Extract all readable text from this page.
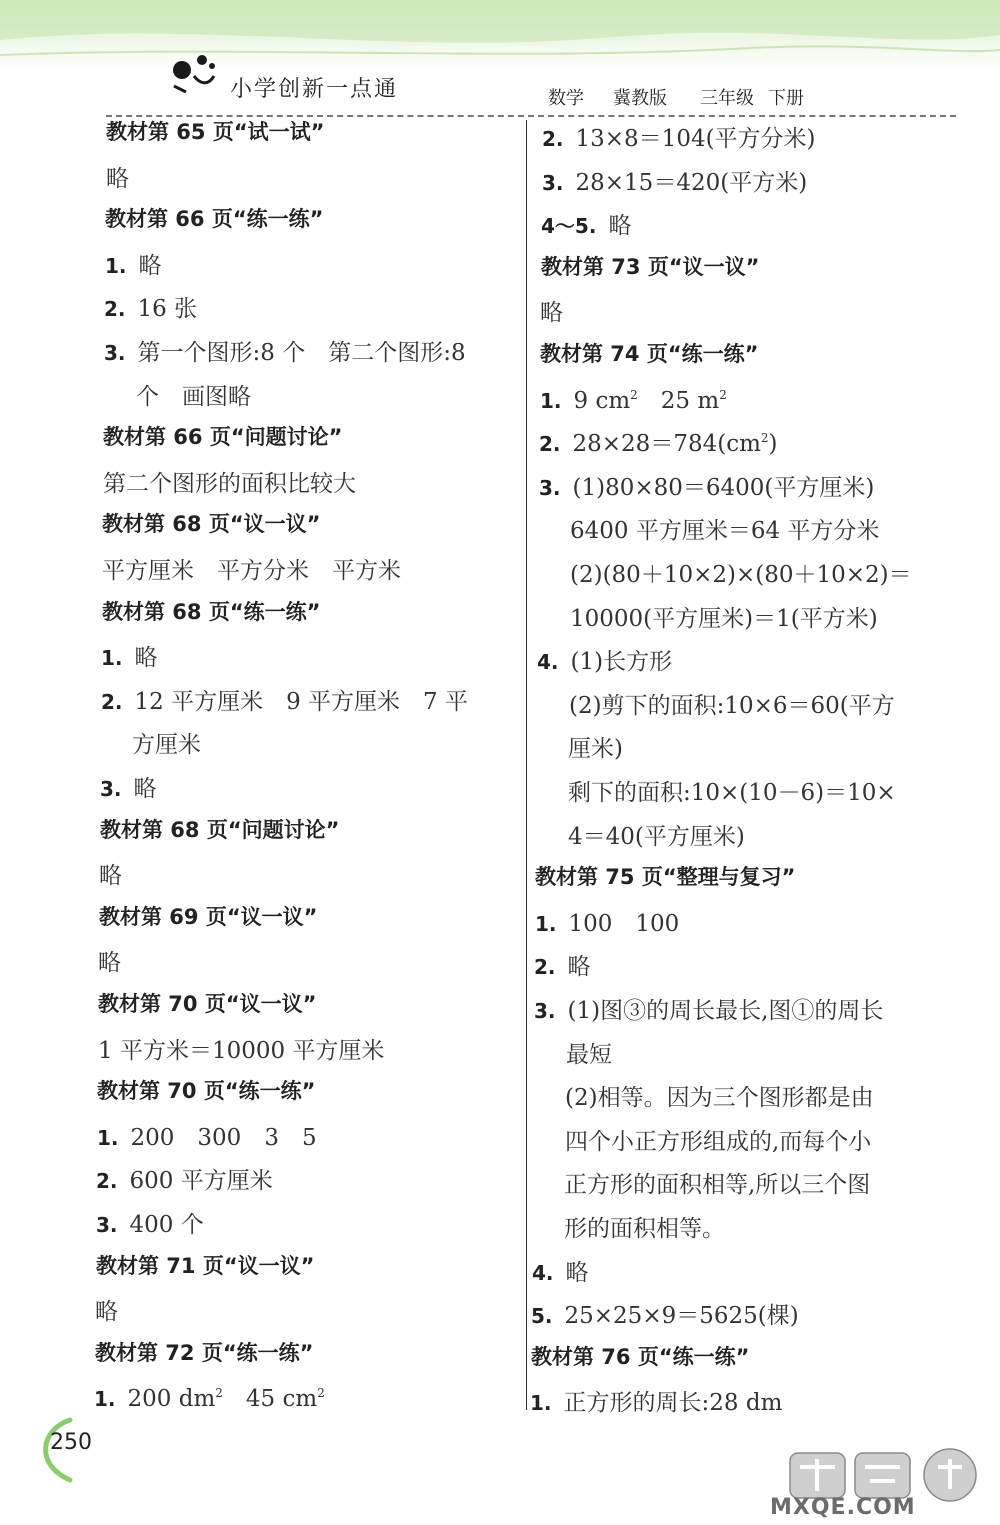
小学创新一点通	数学 冀教版 三年级 下册
教材第 65 页“试一试”
略
教材第 66 页“练一练”
1. 略
2. 16 张
3. 第一个图形:8 个　第二个图形:8
个　画图略
教材第 66 页“问题讨论”
第二个图形的面积比较大
教材第 68 页“议一议”
平方厘米　平方分米　平方米
教材第 68 页“练一练”
1. 略
2. 12 平方厘米　9 平方厘米　7 平
方厘米
3. 略
教材第 68 页“问题讨论”
略
教材第 69 页“议一议”
略
教材第 70 页“议一议”
1 平方米＝10000 平方厘米
教材第 70 页“练一练”
1. 200　300　3　5
2. 600 平方厘米
3. 400 个
教材第 71 页“议一议”
略
教材第 72 页“练一练”
1. 200 $dm^2$　45 $cm^2$
2. 13×8＝104(平方分米)
3. 28×15＝420(平方米)
4～5. 略
教材第 73 页“议一议”
略
教材第 74 页“练一练”
1. 9 $cm^2$　25 $m^2$
2. $28\times 28=784(cm^2)$
3. (1)80×80＝6400(平方厘米)
6400 平方厘米＝64 平方分米
(2)(80＋10×2)×(80＋10×2)＝
10000(平方厘米)＝1(平方米)
4. (1)长方形
(2)剪下的面积:10×6＝60(平方
厘米)
剩下的面积:10×(10－6)＝10×
4＝40(平方厘米)
教材第 75 页“整理与复习”
1. 100　100
2. 略
3. (1)图③的周长最长,图①的周长
最短
(2)相等。因为三个图形都是由
四个小正方形组成的,而每个小
正方形的面积相等,所以三个图
形的面积相等。
4. 略
5. 25×25×9＝5625(棵)
教材第 76 页“练一练”
1. 正方形的周长:28 dm
250
MXQE.COM
